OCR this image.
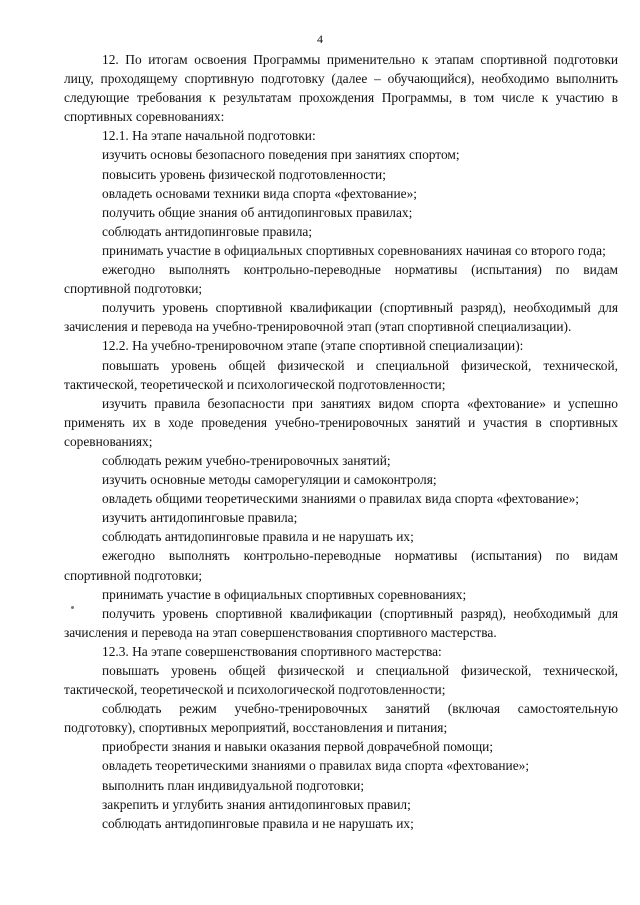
4

12. По итогам освоения Программы применительно к этапам спортивной подготовки лицу, проходящему спортивную подготовку (далее – обучающийся), необходимо выполнить следующие требования к результатам прохождения Программы, в том числе к участию в спортивных соревнованиях:

12.1. На этапе начальной подготовки:

изучить основы безопасного поведения при занятиях спортом;

повысить уровень физической подготовленности;

овладеть основами техники вида спорта «фехтование»;

получить общие знания об антидопинговых правилах;

соблюдать антидопинговые правила;

принимать участие в официальных спортивных соревнованиях начиная со второго года;

ежегодно выполнять контрольно-переводные нормативы (испытания) по видам спортивной подготовки;

получить уровень спортивной квалификации (спортивный разряд), необходимый для зачисления и перевода на учебно-тренировочной этап (этап спортивной специализации).

12.2. На учебно-тренировочном этапе (этапе спортивной специализации):

повышать уровень общей физической и специальной физической, технической, тактической, теоретической и психологической подготовленности;

изучить правила безопасности при занятиях видом спорта «фехтование» и успешно применять их в ходе проведения учебно-тренировочных занятий и участия в спортивных соревнованиях;

соблюдать режим учебно-тренировочных занятий;

изучить основные методы саморегуляции и самоконтроля;

овладеть общими теоретическими знаниями о правилах вида спорта «фехтование»;

изучить антидопинговые правила;

соблюдать антидопинговые правила и не нарушать их;

ежегодно выполнять контрольно-переводные нормативы (испытания) по видам спортивной подготовки;

принимать участие в официальных спортивных соревнованиях;

получить уровень спортивной квалификации (спортивный разряд), необходимый для зачисления и перевода на этап совершенствования спортивного мастерства.

12.3. На этапе совершенствования спортивного мастерства:

повышать уровень общей физической и специальной физической, технической, тактической, теоретической и психологической подготовленности;

соблюдать режим учебно-тренировочных занятий (включая самостоятельную подготовку), спортивных мероприятий, восстановления и питания;

приобрести знания и навыки оказания первой доврачебной помощи;

овладеть теоретическими знаниями о правилах вида спорта «фехтование»;

выполнить план индивидуальной подготовки;

закрепить и углубить знания антидопинговых правил;

соблюдать антидопинговые правила и не нарушать их;
